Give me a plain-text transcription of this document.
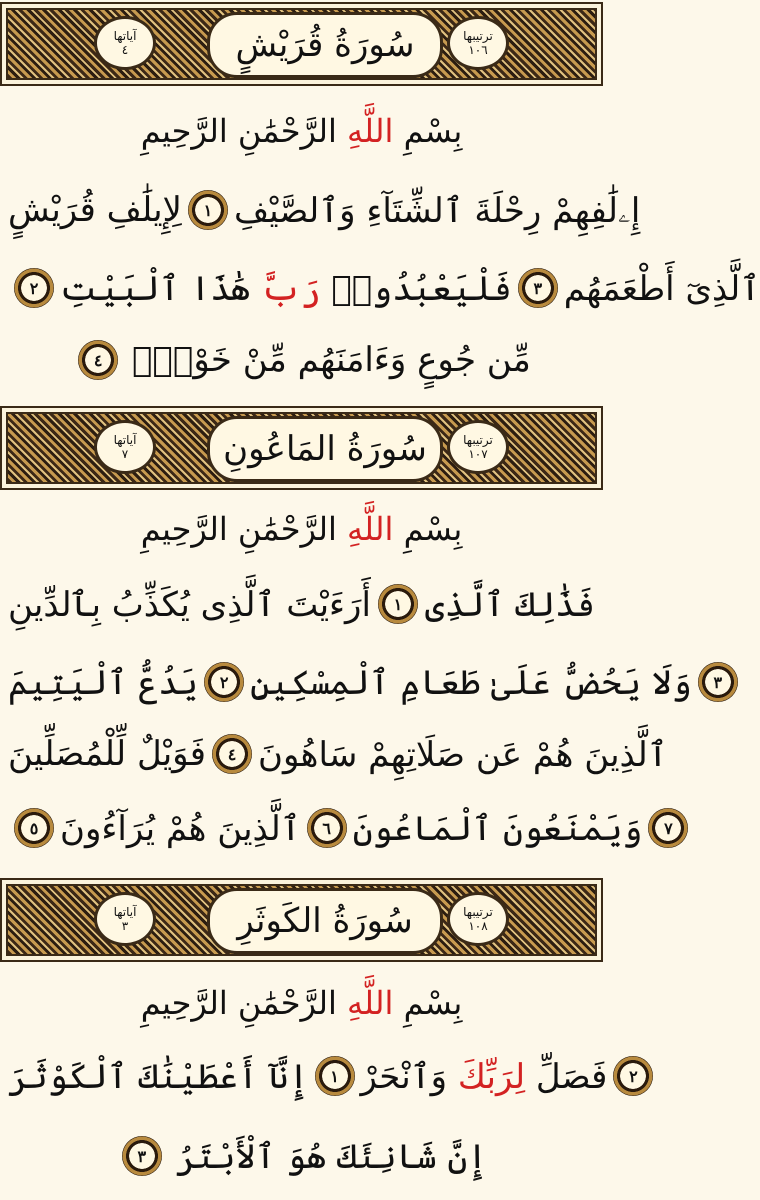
آياتها
٤	سُورَةُ قُرَيْشٍ	ترتيبها
١٠٦
بِسْمِ اللَّهِ الرَّحْمَٰنِ الرَّحِيمِ
لِإِيلَٰفِ قُرَيْشٍ	١ إِۦلَٰفِهِمْ رِحْلَةَ ٱلشِّتَآءِ وَٱلصَّيْفِ
٢	فَلْيَعْبُدُوا۟ رَبَّ هَٰذَا ٱلْبَيْتِ	٣ ٱلَّذِىٓ أَطْعَمَهُم
٤ مِّن جُوعٍ وَءَامَنَهُم مِّنْ خَوْفٍۭ
آياتها
٧	سُورَةُ المَاعُونِ	ترتيبها
١٠٧
بِسْمِ اللَّهِ الرَّحْمَٰنِ الرَّحِيمِ
أَرَءَيْتَ ٱلَّذِى يُكَذِّبُ بِٱلدِّينِ	١ فَذَٰلِكَ ٱلَّذِى
يَدُعُّ ٱلْيَتِيمَ	٢ وَلَا يَحُضُّ عَلَىٰ طَعَامِ ٱلْمِسْكِينِ	٣
فَوَيْلٌ لِّلْمُصَلِّينَ	٤ ٱلَّذِينَ هُمْ عَن صَلَاتِهِمْ سَاهُونَ
٥ ٱلَّذِينَ هُمْ يُرَآءُونَ	٦ وَيَمْنَعُونَ ٱلْمَاعُونَ	٧
آياتها
٣	سُورَةُ الكَوثَرِ	ترتيبها
١٠٨
بِسْمِ اللَّهِ الرَّحْمَٰنِ الرَّحِيمِ
إِنَّآ أَعْطَيْنَٰكَ ٱلْكَوْثَرَ	١	فَصَلِّ لِرَبِّكَ وَٱنْحَرْ	٢
٣ إِنَّ شَانِئَكَ هُوَ ٱلْأَبْتَرُ
